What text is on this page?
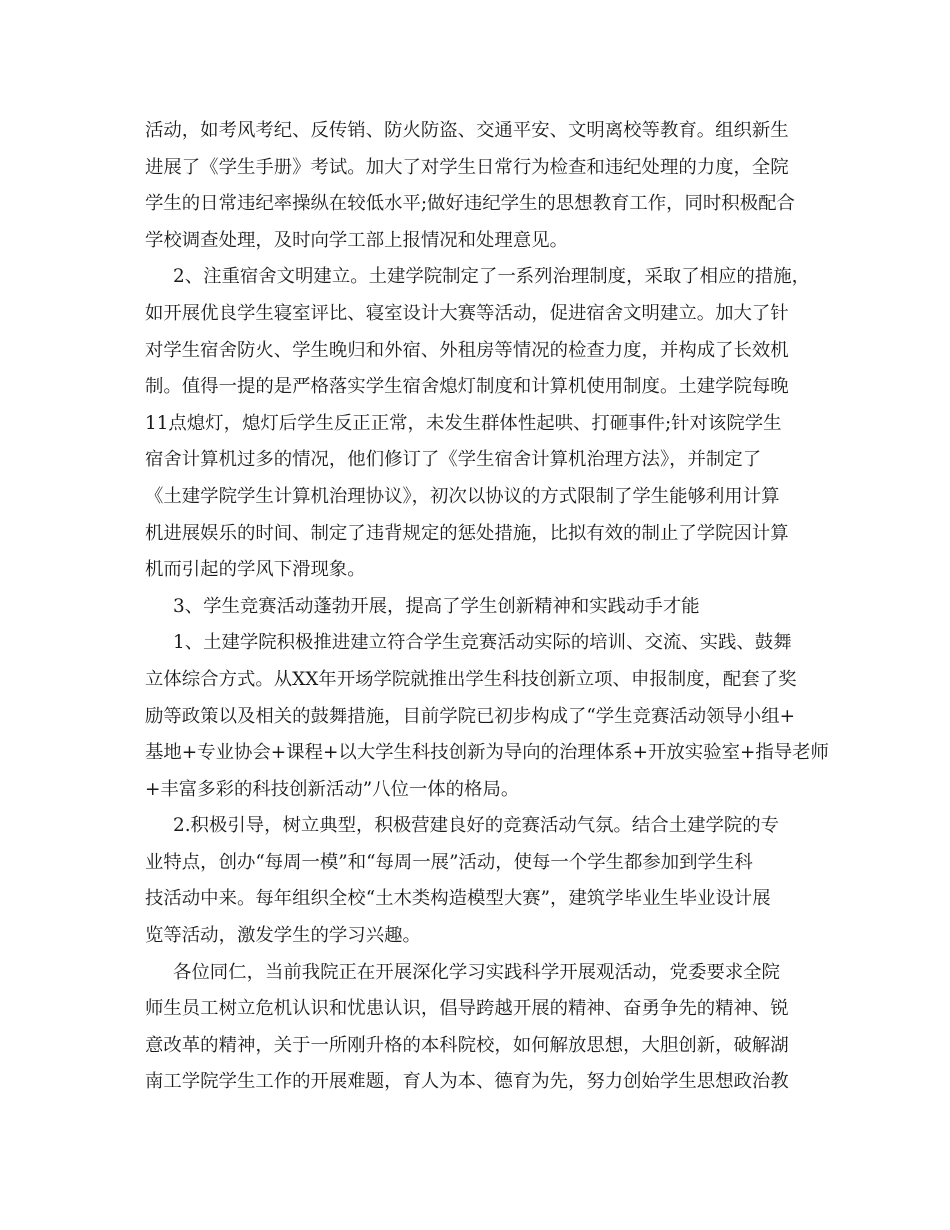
活动，如考风考纪、反传销、防火防盗、交通平安、文明离校等教育。组织新生
进展了《学生手册》考试。加大了对学生日常行为检查和违纪处理的力度，全院
学生的日常违纪率操纵在较低水平;做好违纪学生的思想教育工作，同时积极配合
学校调查处理，及时向学工部上报情况和处理意见。
2、注重宿舍文明建立。土建学院制定了一系列治理制度，采取了相应的措施，
如开展优良学生寝室评比、寝室设计大赛等活动，促进宿舍文明建立。加大了针
对学生宿舍防火、学生晚归和外宿、外租房等情况的检查力度，并构成了长效机
制。值得一提的是严格落实学生宿舍熄灯制度和计算机使用制度。土建学院每晚
11点熄灯，熄灯后学生反正正常，未发生群体性起哄、打砸事件;针对该院学生
宿舍计算机过多的情况，他们修订了《学生宿舍计算机治理方法》，并制定了
《土建学院学生计算机治理协议》，初次以协议的方式限制了学生能够利用计算
机进展娱乐的时间、制定了违背规定的惩处措施，比拟有效的制止了学院因计算
机而引起的学风下滑现象。
3、学生竞赛活动蓬勃开展，提高了学生创新精神和实践动手才能
1、土建学院积极推进建立符合学生竞赛活动实际的培训、交流、实践、鼓舞
立体综合方式。从XX年开场学院就推出学生科技创新立项、申报制度，配套了奖
励等政策以及相关的鼓舞措施，目前学院已初步构成了“学生竞赛活动领导小组+
基地+专业协会+课程+以大学生科技创新为导向的治理体系+开放实验室+指导老师
+丰富多彩的科技创新活动”八位一体的格局。
2.积极引导，树立典型，积极营建良好的竞赛活动气氛。结合土建学院的专
业特点，创办“每周一模”和“每周一展”活动，使每一个学生都参加到学生科
技活动中来。每年组织全校“土木类构造模型大赛”，建筑学毕业生毕业设计展
览等活动，激发学生的学习兴趣。
各位同仁，当前我院正在开展深化学习实践科学开展观活动，党委要求全院
师生员工树立危机认识和忧患认识，倡导跨越开展的精神、奋勇争先的精神、锐
意改革的精神，关于一所刚升格的本科院校，如何解放思想，大胆创新，破解湖
南工学院学生工作的开展难题，育人为本、德育为先，努力创始学生思想政治教
